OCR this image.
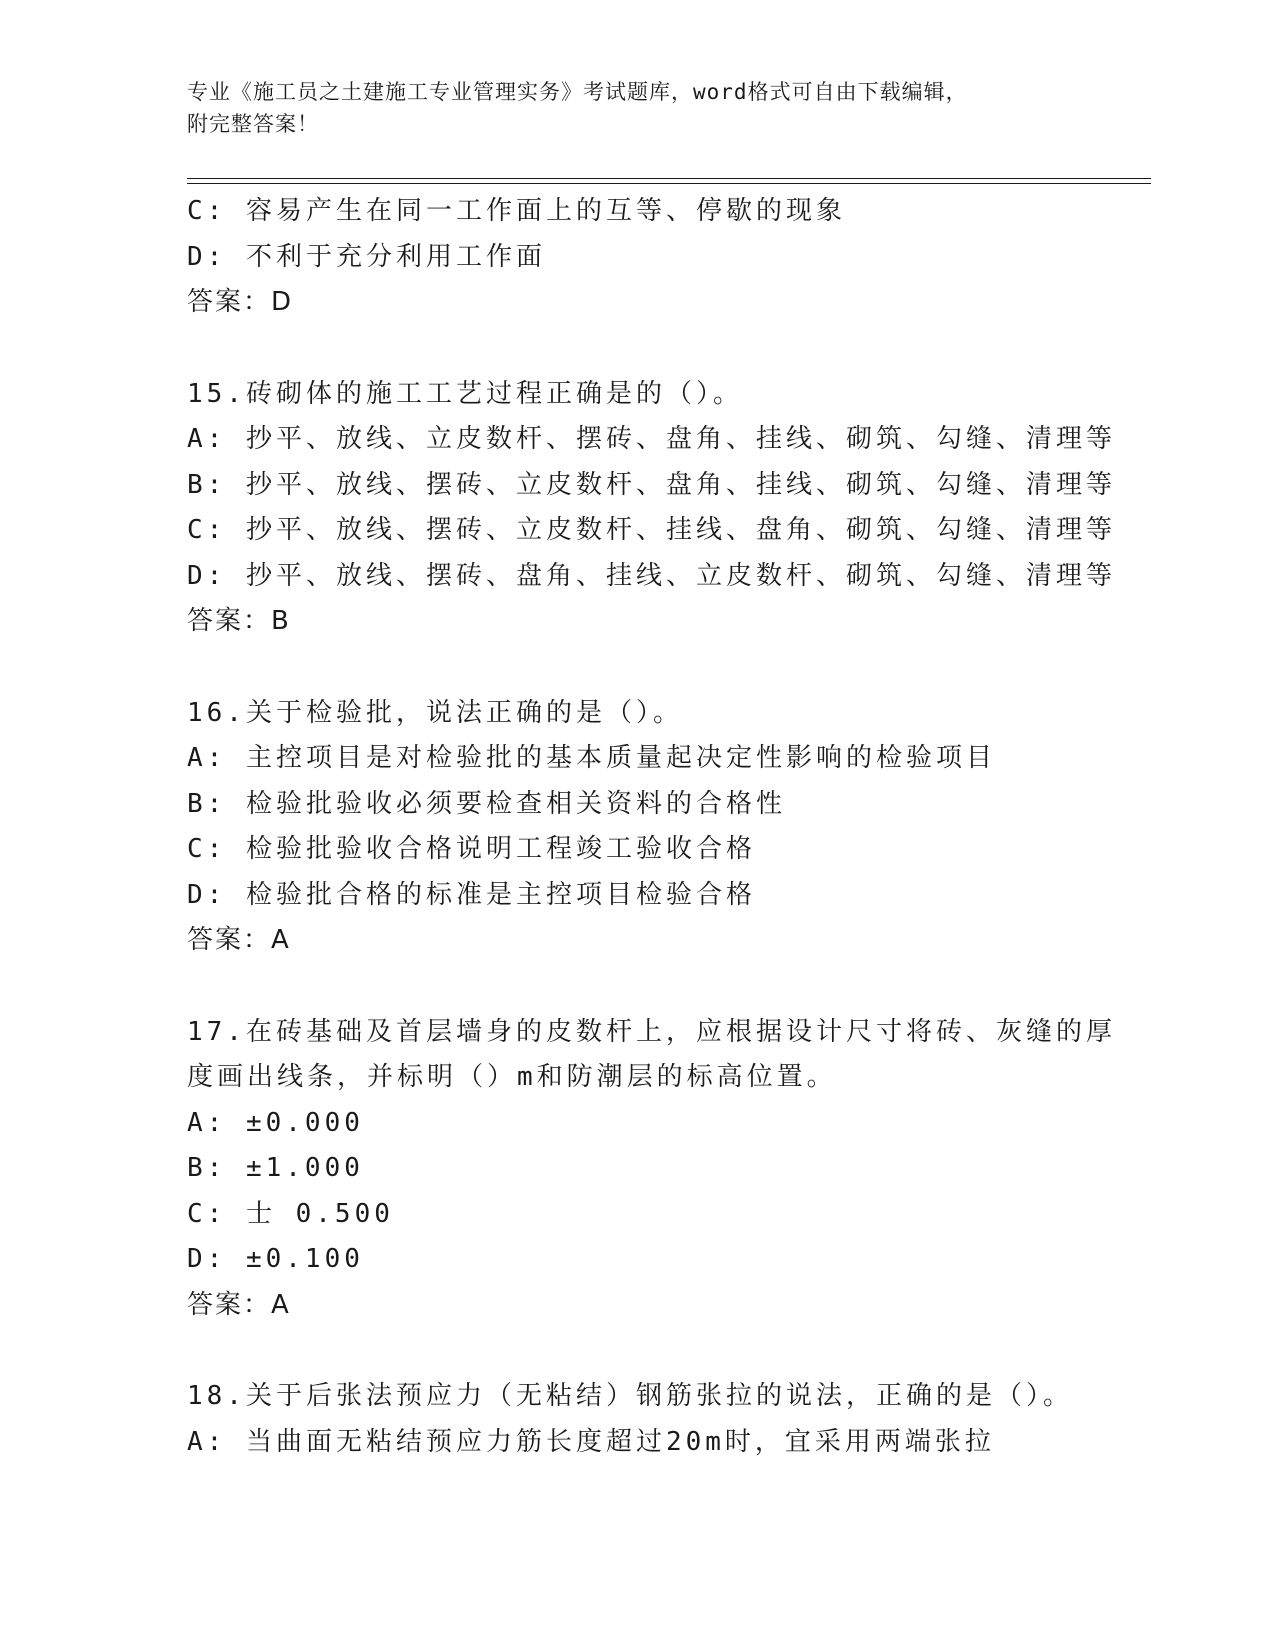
专业《施工员之土建施工专业管理实务》考试题库，word格式可自由下载编辑，
附完整答案！
C: 容易产生在同一工作面上的互等、停歇的现象
D: 不利于充分利用工作面
答案：D
15.砖砌体的施工工艺过程正确是的（）。
A: 抄平、放线、立皮数杆、摆砖、盘角、挂线、砌筑、勾缝、清理等
B: 抄平、放线、摆砖、立皮数杆、盘角、挂线、砌筑、勾缝、清理等
C: 抄平、放线、摆砖、立皮数杆、挂线、盘角、砌筑、勾缝、清理等
D: 抄平、放线、摆砖、盘角、挂线、立皮数杆、砌筑、勾缝、清理等
答案：B
16.关于检验批，说法正确的是（）。
A: 主控项目是对检验批的基本质量起决定性影响的检验项目
B: 检验批验收必须要检查相关资料的合格性
C: 检验批验收合格说明工程竣工验收合格
D: 检验批合格的标准是主控项目检验合格
答案：A
17.在砖基础及首层墙身的皮数杆上，应根据设计尺寸将砖、灰缝的厚
度画出线条，并标明（）m和防潮层的标高位置。
A: ±0.000
B: ±1.000
C: 士 0.500
D: ±0.100
答案：A
18.关于后张法预应力（无粘结）钢筋张拉的说法，正确的是（）。
A: 当曲面无粘结预应力筋长度超过20m时，宜采用两端张拉
